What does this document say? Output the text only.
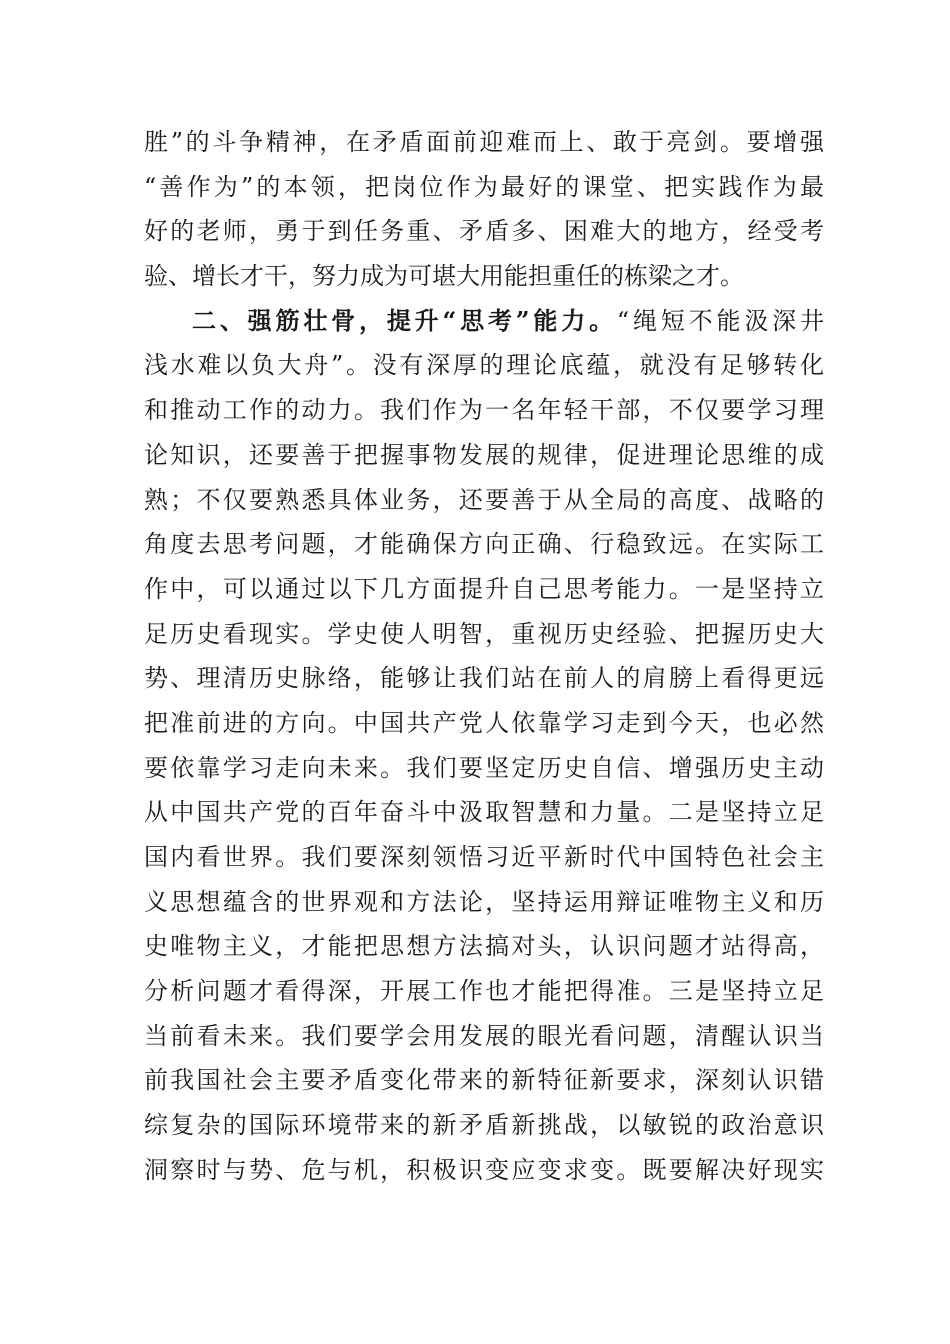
胜”的斗争精神，在矛盾面前迎难而上、敢于亮剑。要增强
“善作为”的本领，把岗位作为最好的课堂、把实践作为最
好的老师，勇于到任务重、矛盾多、困难大的地方，经受考
验、增长才干，努力成为可堪大用能担重任的栋梁之才。
二、强筋壮骨，提升“思考”能力。“绳短不能汲深井
浅水难以负大舟”。没有深厚的理论底蕴，就没有足够转化
和推动工作的动力。我们作为一名年轻干部，不仅要学习理
论知识，还要善于把握事物发展的规律，促进理论思维的成
熟；不仅要熟悉具体业务，还要善于从全局的高度、战略的
角度去思考问题，才能确保方向正确、行稳致远。在实际工
作中，可以通过以下几方面提升自己思考能力。一是坚持立
足历史看现实。学史使人明智，重视历史经验、把握历史大
势、理清历史脉络，能够让我们站在前人的肩膀上看得更远
把准前进的方向。中国共产党人依靠学习走到今天，也必然
要依靠学习走向未来。我们要坚定历史自信、增强历史主动
从中国共产党的百年奋斗中汲取智慧和力量。二是坚持立足
国内看世界。我们要深刻领悟习近平新时代中国特色社会主
义思想蕴含的世界观和方法论，坚持运用辩证唯物主义和历
史唯物主义，才能把思想方法搞对头，认识问题才站得高，
分析问题才看得深，开展工作也才能把得准。三是坚持立足
当前看未来。我们要学会用发展的眼光看问题，清醒认识当
前我国社会主要矛盾变化带来的新特征新要求，深刻认识错
综复杂的国际环境带来的新矛盾新挑战，以敏锐的政治意识
洞察时与势、危与机，积极识变应变求变。既要解决好现实
